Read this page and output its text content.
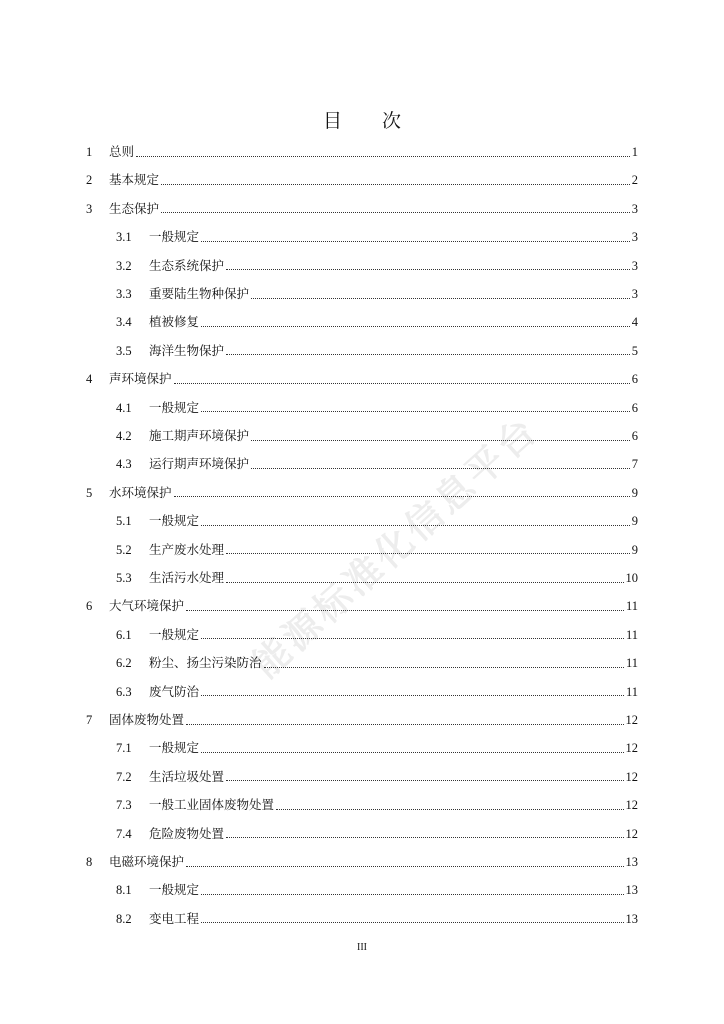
能源标准化信息平台
目 次
1	总则	1
2	基本规定	2
3	生态保护	3
3.1	一般规定	3
3.2	生态系统保护	3
3.3	重要陆生物种保护	3
3.4	植被修复	4
3.5	海洋生物保护	5
4	声环境保护	6
4.1	一般规定	6
4.2	施工期声环境保护	6
4.3	运行期声环境保护	7
5	水环境保护	9
5.1	一般规定	9
5.2	生产废水处理	9
5.3	生活污水处理	10
6	大气环境保护	11
6.1	一般规定	11
6.2	粉尘、扬尘污染防治	11
6.3	废气防治	11
7	固体废物处置	12
7.1	一般规定	12
7.2	生活垃圾处置	12
7.3	一般工业固体废物处置	12
7.4	危险废物处置	12
8	电磁环境保护	13
8.1	一般规定	13
8.2	变电工程	13
III
